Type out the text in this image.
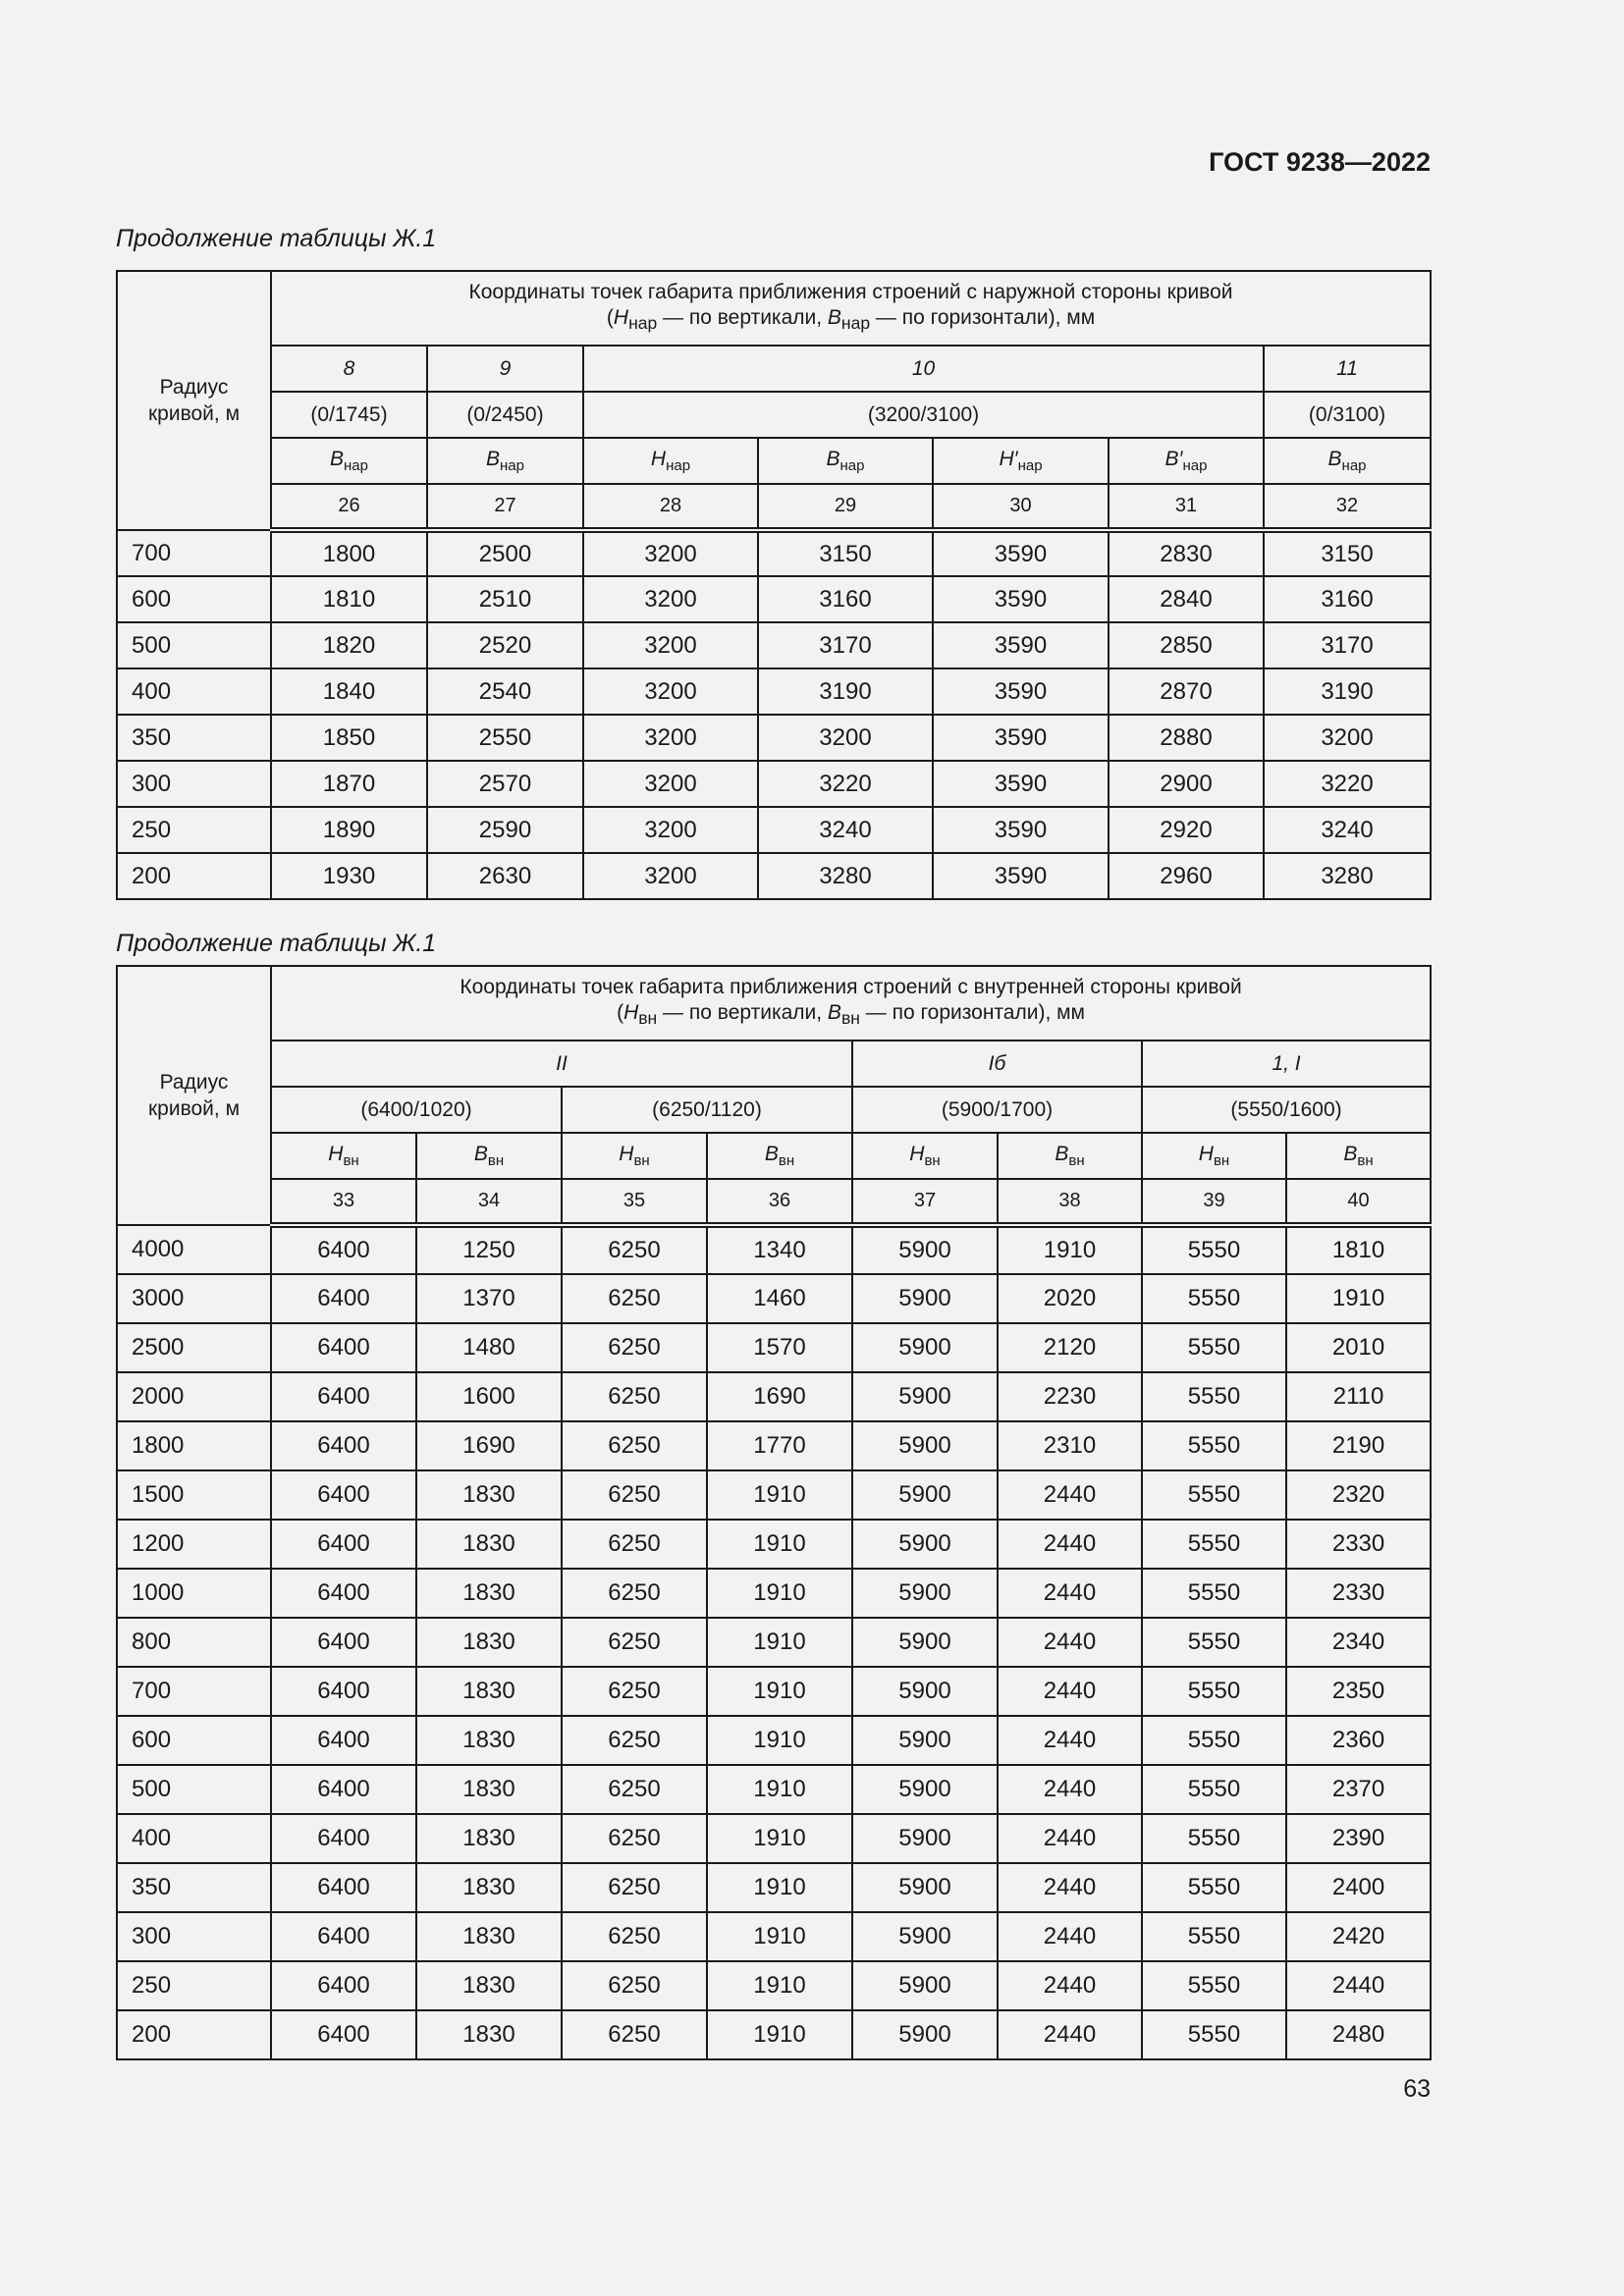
ГОСТ 9238—2022
Продолжение таблицы Ж.1
Радиус
кривой, м	Координаты точек габарита приближения строений с наружной стороны кривой
($H_{нар}$ — по вертикали, $B_{нар}$ — по горизонтали), мм						
	8	9	10				11
	(0/1745)	(0/2450)	(3200/3100)				(0/3100)
	$B_{нар}$	$B_{нар}$	$H_{нар}$	$B_{нар}$	$H'_{нар}$	$B'_{нар}$	$B_{нар}$
	26	27	28	29	30	31	32
700	1800	2500	3200	3150	3590	2830	3150
600	1810	2510	3200	3160	3590	2840	3160
500	1820	2520	3200	3170	3590	2850	3170
400	1840	2540	3200	3190	3590	2870	3190
350	1850	2550	3200	3200	3590	2880	3200
300	1870	2570	3200	3220	3590	2900	3220
250	1890	2590	3200	3240	3590	2920	3240
200	1930	2630	3200	3280	3590	2960	3280
Продолжение таблицы Ж.1
Радиус
кривой, м	Координаты точек габарита приближения строений с внутренней стороны кривой
($H_{вн}$ — по вертикали, $B_{вн}$ — по горизонтали), мм							
	II				Iб		1, I	
	(6400/1020)		(6250/1120)		(5900/1700)		(5550/1600)	
	$H_{вн}$	$B_{вн}$	$H_{вн}$	$B_{вн}$	$H_{вн}$	$B_{вн}$	$H_{вн}$	$B_{вн}$
	33	34	35	36	37	38	39	40
4000	6400	1250	6250	1340	5900	1910	5550	1810
3000	6400	1370	6250	1460	5900	2020	5550	1910
2500	6400	1480	6250	1570	5900	2120	5550	2010
2000	6400	1600	6250	1690	5900	2230	5550	2110
1800	6400	1690	6250	1770	5900	2310	5550	2190
1500	6400	1830	6250	1910	5900	2440	5550	2320
1200	6400	1830	6250	1910	5900	2440	5550	2330
1000	6400	1830	6250	1910	5900	2440	5550	2330
800	6400	1830	6250	1910	5900	2440	5550	2340
700	6400	1830	6250	1910	5900	2440	5550	2350
600	6400	1830	6250	1910	5900	2440	5550	2360
500	6400	1830	6250	1910	5900	2440	5550	2370
400	6400	1830	6250	1910	5900	2440	5550	2390
350	6400	1830	6250	1910	5900	2440	5550	2400
300	6400	1830	6250	1910	5900	2440	5550	2420
250	6400	1830	6250	1910	5900	2440	5550	2440
200	6400	1830	6250	1910	5900	2440	5550	2480
63
